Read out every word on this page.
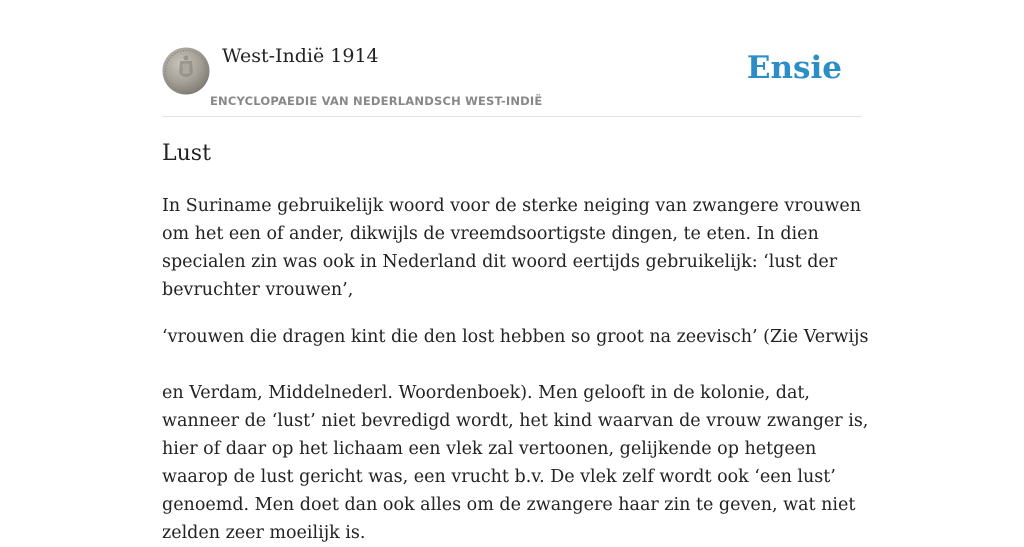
West-Indië 1914
ENCYCLOPAEDIE VAN NEDERLANDSCH WEST-INDIË
Ensie
Lust

In Suriname gebruikelijk woord voor de sterke neiging van zwangere vrouwen om het een of ander, dikwijls de vreemdsoortigste dingen, te eten. In dien specialen zin was ook in Nederland dit woord eertijds gebruikelijk: ‘lust der bevruchter vrouwen’,

‘vrouwen die dragen kint die den lost hebben so groot na zeevisch’ (Zie Verwijs

en Verdam, Middelnederl. Woordenboek). Men gelooft in de kolonie, dat, wanneer de ‘lust’ niet bevredigd wordt, het kind waarvan de vrouw zwanger is, hier of daar op het lichaam een vlek zal vertoonen, gelijkende op hetgeen waarop de lust gericht was, een vrucht b.v. De vlek zelf wordt ook ‘een lust’ genoemd. Men doet dan ook alles om de zwangere haar zin te geven, wat niet zelden zeer moeilijk is.
